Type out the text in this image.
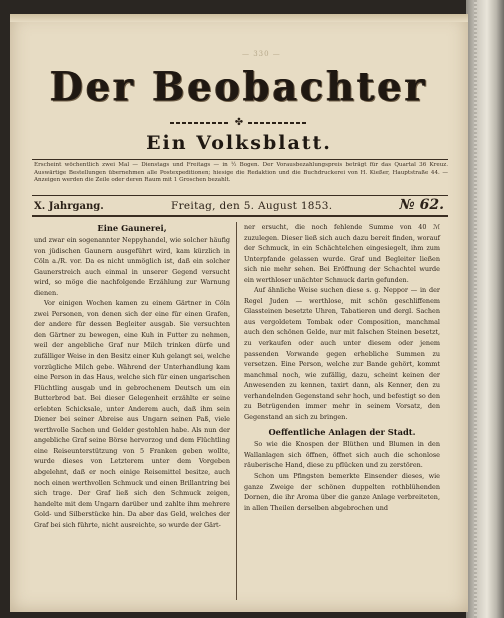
— 330 —
Der Beobachter
✤
Ein Volksblatt.
Erscheint wöchentlich zwei Mal — Dienstags und Freitags — in ½ Bogen. Der Vorausbezahlungspreis beträgt für das Quartal 36 Kreuz. Auswärtige Bestellungen übernehmen alle Postexpeditionen; hiesige die Redaktion und die Buchdruckerei von H. Kießer, Hauptstraße 44. — Anzeigen werden die Zeile oder deren Raum mit 1 Groschen bezahlt.
X. Jahrgang.	Freitag, den 5. August 1853.	№ 62.
Eine Gaunerei,

und zwar ein sogenannter Neppyhandel, wie solcher häufig von jüdischen Gaunern ausgeführt wird, kam kürzlich in Cöln a./R. vor. Da es nicht unmöglich ist, daß ein solcher Gaunerstreich auch einmal in unserer Gegend versucht wird, so möge die nachfolgende Erzählung zur Warnung dienen.

Vor einigen Wochen kamen zu einem Gärtner in Cöln zwei Personen, von denen sich der eine für einen Grafen, der andere für dessen Begleiter ausgab. Sie versuchten den Gärtner zu bewegen, eine Kuh in Futter zu nehmen, weil der angebliche Graf nur Milch trinken dürfe und zufälliger Weise in den Besitz einer Kuh gelangt sei, welche vorzügliche Milch gebe. Während der Unterhandlung kam eine Person in das Haus, welche sich für einen ungarischen Flüchtling ausgab und in gebrochenem Deutsch um ein Butterbrod bat. Bei dieser Gelegenheit erzählte er seine erlebten Schicksale, unter Anderem auch, daß ihm sein Diener bei seiner Abreise aus Ungarn seinen Paß, viele werthvolle Sachen und Gelder gestohlen habe. Als nun der angebliche Graf seine Börse hervorzog und dem Flüchtling eine Reiseunterstützung von 5 Franken geben wollte, wurde dieses von Letzterem unter dem Vorgeben abgelehnt, daß er noch einige Reisemittel besitze, auch noch einen werthvollen Schmuck und einen Brillantring bei sich trage. Der Graf ließ sich den Schmuck zeigen, handelte mit dem Ungarn darüber und zahlte ihm mehrere Gold- und Silberstücke hin. Da aber das Geld, welches der Graf bei sich führte, nicht ausreichte, so wurde der Gärt-

ner ersucht, die noch fehlende Summe von 40 ℳ zuzulegen. Dieser ließ sich auch dazu bereit finden, worauf der Schmuck, in ein Schächtelchen eingesiegelt, ihm zum Unterpfande gelassen wurde. Graf und Begleiter ließen sich nie mehr sehen. Bei Eröffnung der Schachtel wurde ein werthloser unächter Schmuck darin gefunden.

Auf ähnliche Weise suchen diese s. g. Neppor — in der Regel Juden — werthlose, mit schön geschliffenem Glassteinen besetzte Uhren, Tabatieren und dergl. Sachen aus vergoldetem Tombak oder Composition, manchmal auch den schönen Gelde, nur mit falschen Steinen besetzt, zu verkaufen oder auch unter diesem oder jenem passenden Vorwande gegen erhebliche Summen zu versetzen. Eine Person, welche zur Bande gehört, kommt manchmal noch, wie zufällig, dazu, scheint keinen der Anwesenden zu kennen, taxirt dann, als Kenner, den zu verhandelnden Gegenstand sehr hoch, und befestigt so den zu Betrügenden immer mehr in seinem Vorsatz, den Gegenstand an sich zu bringen.

Oeffentliche Anlagen der Stadt.

So wie die Knospen der Blüthen und Blumen in den Wallanlagen sich öffnen, öffnet sich auch die schonlose räuberische Hand, diese zu pflücken und zu zerstören.

Schon um Pfingsten bemerkte Einsender dieses, wie ganze Zweige der schönen duppelten rothblühenden Dornen, die ihr Aroma über die ganze Anlage verbreiteten, in allen Theilen derselben abgebrochen und
